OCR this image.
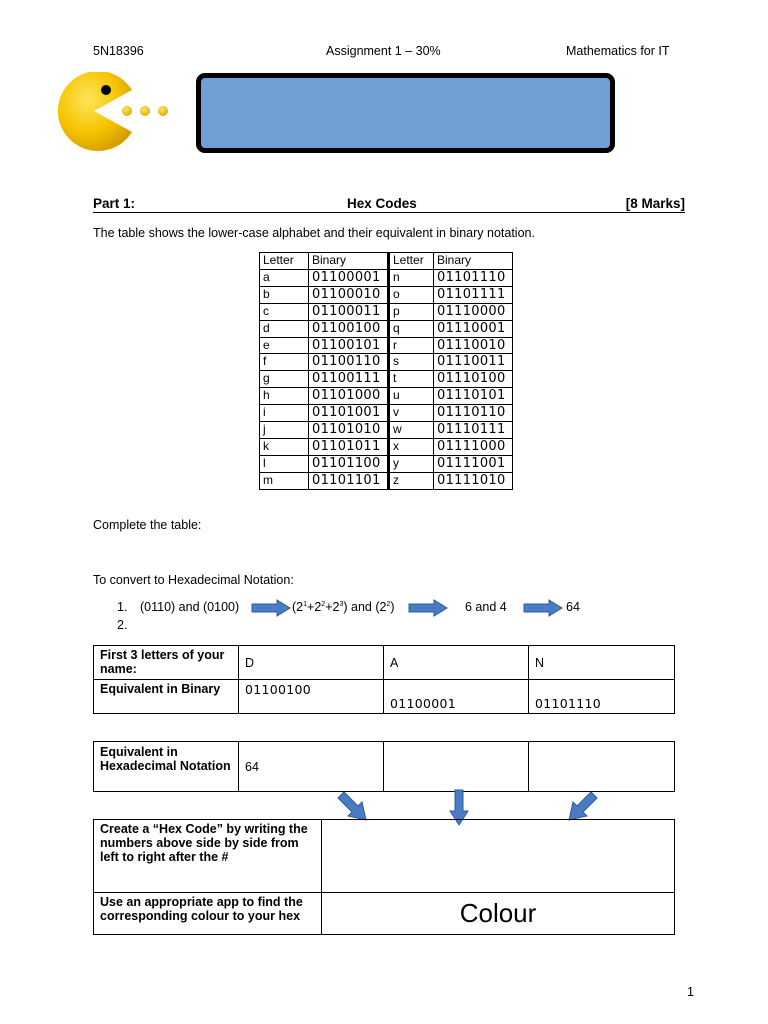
5N18396	Assignment 1 – 30%	Mathematics for IT
Part 1:	Hex Codes	[8 Marks]
The table shows the lower-case alphabet and their equivalent in binary notation.
Letter	Binary	Letter	Binary
a	01100001	n	01101110
b	01100010	o	01101111
c	01100011	p	01110000
d	01100100	q	01110001
e	01100101	r	01110010
f	01100110	s	01110011
g	01100111	t	01110100
h	01101000	u	01110101
i	01101001	v	01110110
j	01101010	w	01110111
k	01101011	x	01111000
l	01101100	y	01111001
m	01101101	z	01111010
Complete the table:
To convert to Hexadecimal Notation:
1. (0110) and (0100)	$(2^1+2^2+2^3)$ and $(2^2)$	6 and 4	64
2.
First 3 letters of your name:	D	A	N
Equivalent in Binary	01100100	01100001	01101110
Equivalent in Hexadecimal Notation	64		
Create a “Hex Code” by writing the numbers above side by side from left to right after the #	
Use an appropriate app to find the corresponding colour to your hex	Colour
1
